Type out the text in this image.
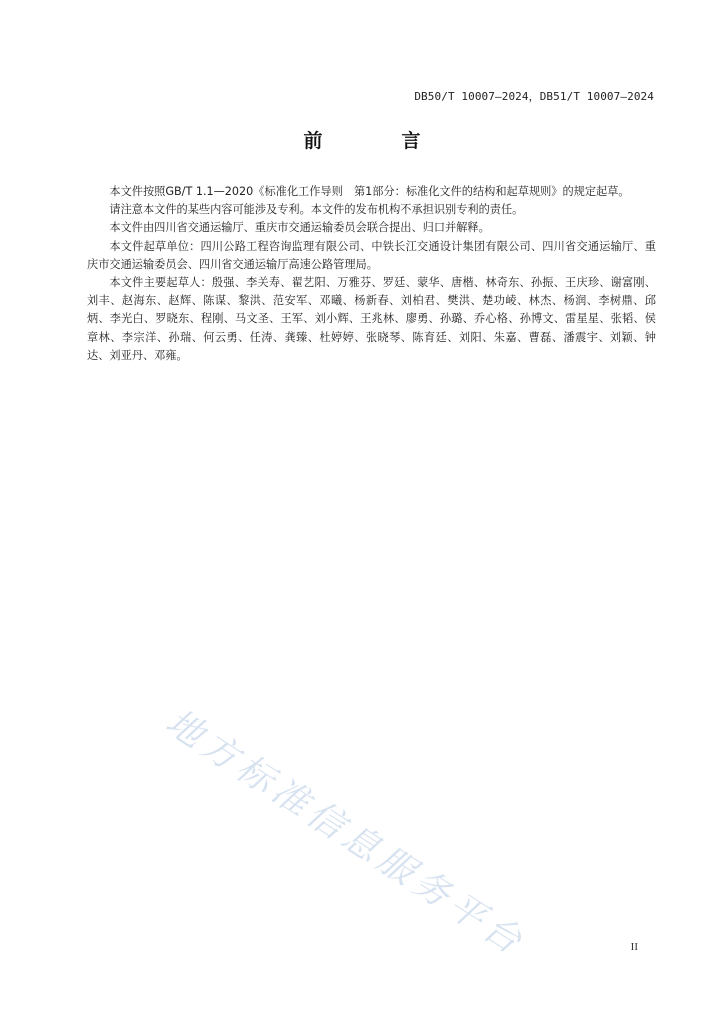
DB50/T 10007—2024，DB51/T 10007—2024
前　言

本文件按照GB/T 1.1—2020《标准化工作导则　第1部分：标准化文件的结构和起草规则》的规定起草。

请注意本文件的某些内容可能涉及专利。本文件的发布机构不承担识别专利的责任。

本文件由四川省交通运输厅、重庆市交通运输委员会联合提出、归口并解释。

本文件起草单位：四川公路工程咨询监理有限公司、中铁长江交通设计集团有限公司、四川省交通运输厅、重庆市交通运输委员会、四川省交通运输厅高速公路管理局。

本文件主要起草人：殷强、李关寿、翟艺阳、万雅芬、罗廷、蒙华、唐楷、林奇东、孙振、王庆珍、谢富刚、刘丰、赵海东、赵辉、陈谋、黎洪、范安军、邓曦、杨新春、刘柏君、樊洪、楚功崚、林杰、杨润、李树鼎、邱炳、李光白、罗晓东、程刚、马文圣、王军、刘小辉、王兆林、廖勇、孙璐、乔心格、孙博文、雷星星、张韬、侯章林、李宗洋、孙瑞、何云勇、任涛、龚臻、杜婷婷、张晓琴、陈育廷、刘阳、朱嘉、曹磊、潘震宇、刘颖、钟达、刘亚丹、邓雍。

地方标准信息服务平台	II
